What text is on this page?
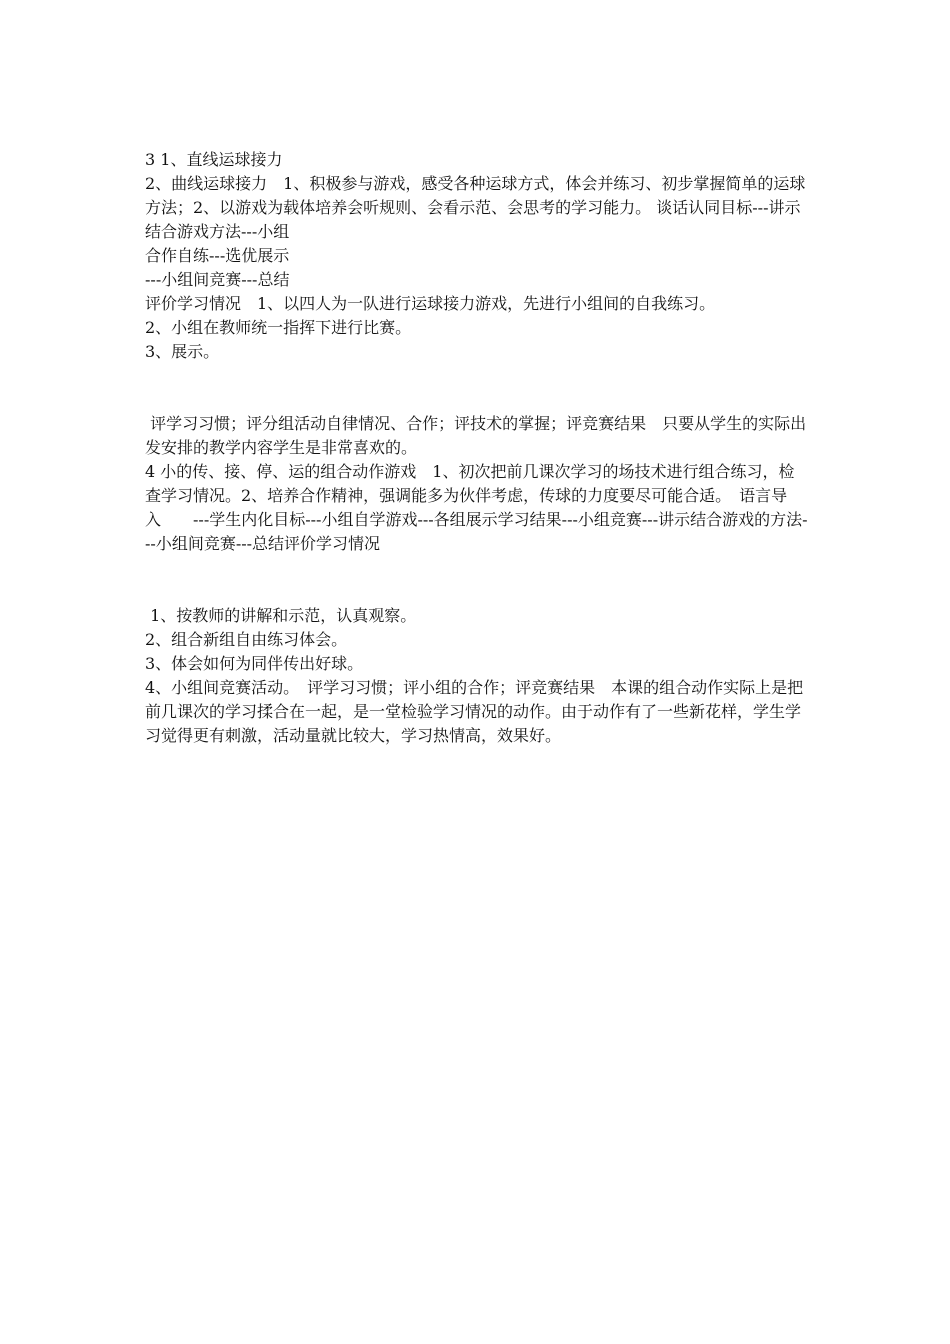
3 1、直线运球接力

2、曲线运球接力　1、积极参与游戏，感受各种运球方式，体会并练习、初步掌握简单的运球方法；2、以游戏为载体培养会听规则、会看示范、会思考的学习能力。 谈话认同目标---讲示

结合游戏方法---小组

合作自练---选优展示

---小组间竞赛---总结

评价学习情况　1、以四人为一队进行运球接力游戏，先进行小组间的自我练习。

2、小组在教师统一指挥下进行比赛。

3、展示。

评学习习惯；评分组活动自律情况、合作；评技术的掌握；评竞赛结果　只要从学生的实际出发安排的教学内容学生是非常喜欢的。

4 小的传、接、停、运的组合动作游戏　1、初次把前几课次学习的场技术进行组合练习，检查学习情况。2、培养合作精神，强调能多为伙伴考虑，传球的力度要尽可能合适。　语言导入　　---学生内化目标---小组自学游戏---各组展示学习结果---小组竞赛---讲示结合游戏的方法---小组间竞赛---总结评价学习情况

1、按教师的讲解和示范，认真观察。

2、组合新组自由练习体会。

3、体会如何为同伴传出好球。

4、小组间竞赛活动。　评学习习惯；评小组的合作；评竞赛结果　本课的组合动作实际上是把前几课次的学习揉合在一起，是一堂检验学习情况的动作。由于动作有了一些新花样，学生学习觉得更有刺激，活动量就比较大，学习热情高，效果好。
